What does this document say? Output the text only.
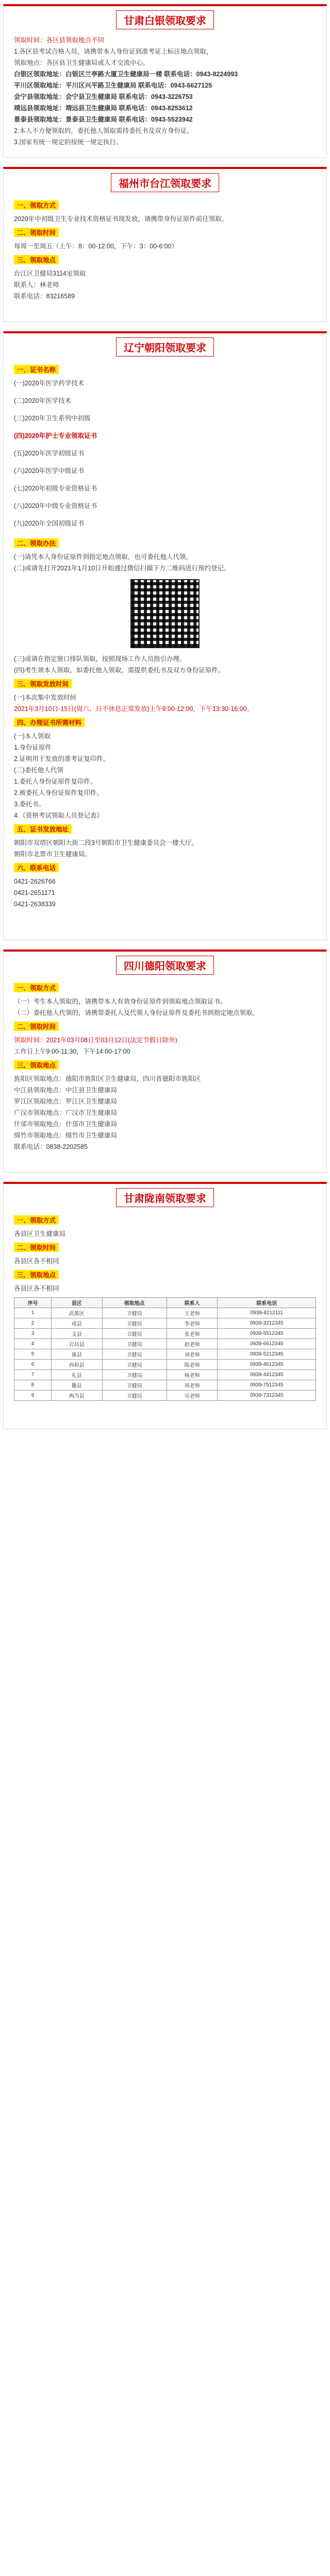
甘肃白银领取要求
领取时间：各区县领取地点不同
1.各区县考试合格人员，请携带本人身份证到准考证上标注地点领取，
领取地点：各区县卫生健康局或人才交流中心。
白银区领取地址：白银区兰亭路大厦卫生健康局一楼 联系电话：0943-8224993
平川区领取地址：平川区兴平路卫生健康局 联系电话：0943-6627125
会宁县领取地址：会宁县卫生健康局 联系电话：0943-3226753
靖远县领取地址：靖远县卫生健康局 联系电话：0943-8253612
景泰县领取地址：景泰县卫生健康局 联系电话：0943-5523942
2.本人不方便领取的，委托他人领取需持委托书及双方身份证。
3.国家有统一规定的按统一规定执行。
福州市台江领取要求
一、领取方式
2020年中初级卫生专业技术资格证书现发放，请携带身份证原件前往领取。
二、领取时间
每周一至周五（上午：8：00-12:00，下午：3：00-6:00）
三、领取地点
台江区卫健局3114室领取
联系人：林老师
联系电话：83216589
辽宁朝阳领取要求
一、证书名称
(一)2020年医学药学技术
(二)2020年医学技术
(三)2020年卫生系列中初级
(四)2020年护士专业领取证书
(五)2020年医学初级证书
(六)2020年医学中级证书
(七)2020年初级专业资格证书
(八)2020年中级专业资格证书
(九)2020年全国初级证书
二、领取办法
(一)请凭本人身份证原件到指定地点领取，也可委托他人代领。
(二)或请先打开2021年1月10日开始通过微信扫描下方二维码进行预约登记。
(三)或请在指定窗口排队领取，按照现场工作人员指引办理。
(四)考生须本人领取，如委托他人领取，需提供委托书及双方身份证原件。
三、领取发放时间
(一)本次集中发放时间
2021年3月10日-15日(周六、日不休息正常发放)上午9:00-12:00，下午13:30-16:00。
四、办理证书所需材料
(一)本人领取
1.身份证原件
2.证明用于发放的准考证复印件。
(二)委托他人代领
1.委托人身份证原件复印件。
2.被委托人身份证原件复印件。
3.委托书。
4.《资格考试领取人员登记表》
五、证书发放地址
朝阳市双塔区朝阳大街二段3号朝阳市卫生健康委员会一楼大厅。
朝阳市北票市卫生健康局。
六、联系电话
0421-2626766
0421-2651171
0421-2638339
四川德阳领取要求
一、领取方式
（一）考生本人领取的，请携带本人有效身份证原件到领取地点领取证书。
（二）委托他人代领的，请携带委托人及代领人身份证原件及委托书到指定地点领取。
二、领取时间
领取时间：2021年03月08日至03月12日(法定节假日除外)
工作日上午9:00-11:30，下午14:00-17:00
三、领取地点
旌阳区领取地点：德阳市旌阳区卫生健康局，四川省德阳市旌阳区
中江县领取地点：中江县卫生健康局
罗江区领取地点：罗江区卫生健康局
广汉市领取地点：广汉市卫生健康局
什邡市领取地点：什邡市卫生健康局
绵竹市领取地点：绵竹市卫生健康局
联系电话：0838-2202585
甘肃陇南领取要求
一、领取方式
各县区卫生健康局
二、领取时间
各县区各不相同
三、领取地点
各县区各不相同
序号	县区	领取地点	联系人	联系电话
1	武都区	卫健局	王老师	0939-8212111
2	成县	卫健局	李老师	0939-3212345
3	文县	卫健局	张老师	0939-5512345
4	宕昌县	卫健局	赵老师	0939-6612345
5	康县	卫健局	刘老师	0939-5212345
6	西和县	卫健局	陈老师	0939-4612345
7	礼县	卫健局	杨老师	0939-4412345
8	徽县	卫健局	周老师	0939-7512345
9	两当县	卫健局	吴老师	0939-7312345
